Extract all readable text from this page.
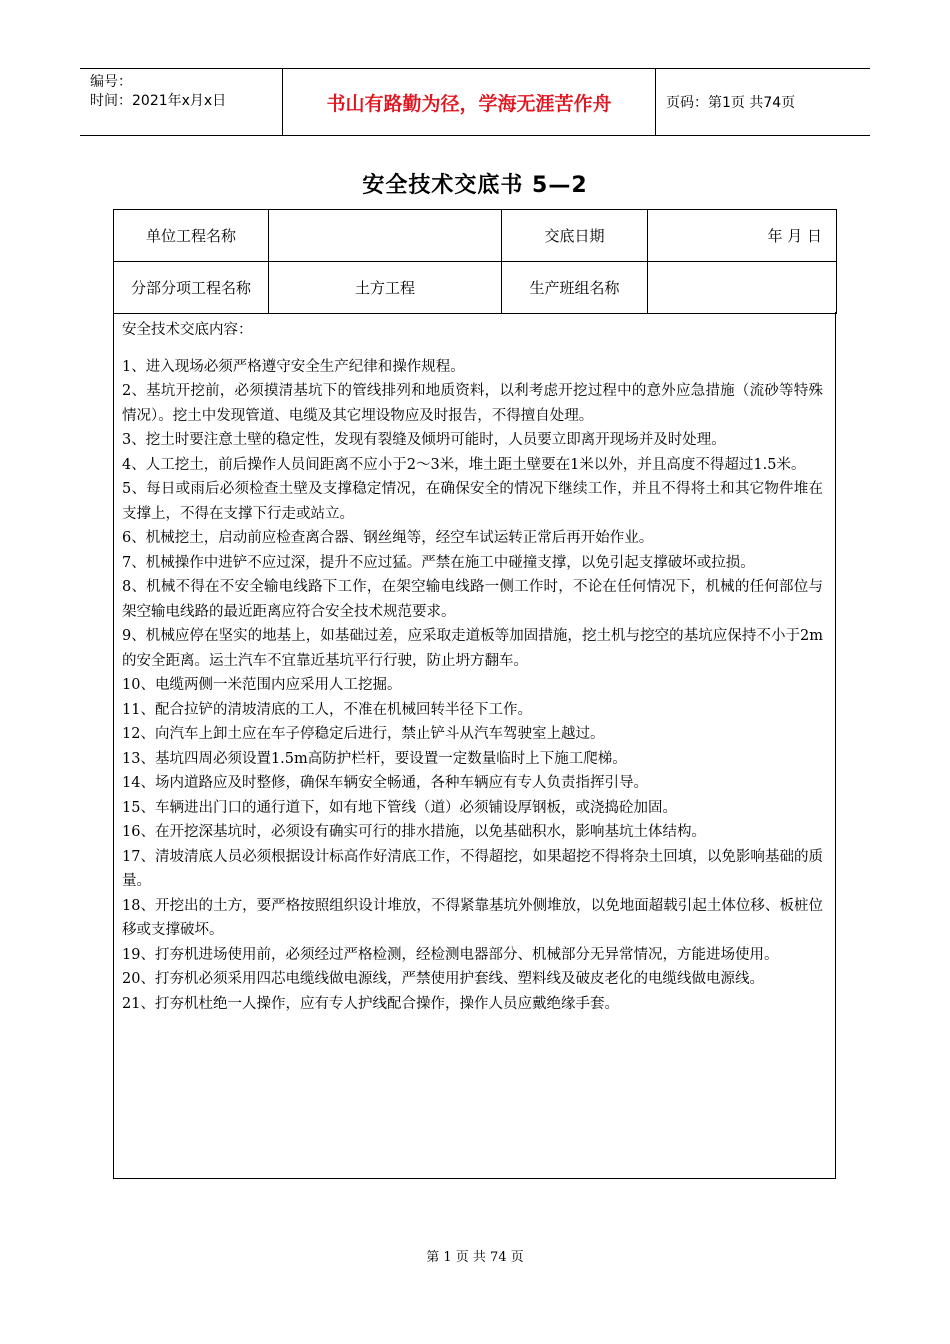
编号：
时间：2021年x月x日	书山有路勤为径，学海无涯苦作舟	页码：第1页 共74页
安全技术交底书 5—2
单位工程名称		交底日期	年 月 日
分部分项工程名称	土方工程	生产班组名称	
安全技术交底内容：
1、进入现场必须严格遵守安全生产纪律和操作规程。
2、基坑开挖前，必须摸清基坑下的管线排列和地质资料，以利考虑开挖过程中的意外应急措施（流砂等特殊情况）。挖土中发现管道、电缆及其它埋设物应及时报告，不得擅自处理。
3、挖土时要注意土壁的稳定性，发现有裂缝及倾坍可能时，人员要立即离开现场并及时处理。
4、人工挖土，前后操作人员间距离不应小于2～3米，堆土距土壁要在1米以外，并且高度不得超过1.5米。
5、每日或雨后必须检查土壁及支撑稳定情况，在确保安全的情况下继续工作，并且不得将土和其它物件堆在支撑上，不得在支撑下行走或站立。
6、机械挖土，启动前应检查离合器、钢丝绳等，经空车试运转正常后再开始作业。
7、机械操作中进铲不应过深，提升不应过猛。严禁在施工中碰撞支撑，以免引起支撑破坏或拉损。
8、机械不得在不安全输电线路下工作，在架空输电线路一侧工作时，不论在任何情况下，机械的任何部位与架空输电线路的最近距离应符合安全技术规范要求。
9、机械应停在坚实的地基上，如基础过差，应采取走道板等加固措施，挖土机与挖空的基坑应保持不小于2m的安全距离。运土汽车不宜靠近基坑平行行驶，防止坍方翻车。
10、电缆两侧一米范围内应采用人工挖掘。
11、配合拉铲的清坡清底的工人，不准在机械回转半径下工作。
12、向汽车上卸土应在车子停稳定后进行，禁止铲斗从汽车驾驶室上越过。
13、基坑四周必须设置1.5m高防护栏杆，要设置一定数量临时上下施工爬梯。
14、场内道路应及时整修，确保车辆安全畅通，各种车辆应有专人负责指挥引导。
15、车辆进出门口的通行道下，如有地下管线（道）必须铺设厚钢板，或浇捣砼加固。
16、在开挖深基坑时，必须设有确实可行的排水措施，以免基础积水，影响基坑土体结构。
17、清坡清底人员必须根据设计标高作好清底工作，不得超挖，如果超挖不得将杂土回填，以免影响基础的质量。
18、开挖出的土方，要严格按照组织设计堆放，不得紧靠基坑外侧堆放，以免地面超载引起土体位移、板桩位移或支撑破坏。
19、打夯机进场使用前，必须经过严格检测，经检测电器部分、机械部分无异常情况，方能进场使用。
20、打夯机必须采用四芯电缆线做电源线，严禁使用护套线、塑料线及破皮老化的电缆线做电源线。
21、打夯机杜绝一人操作，应有专人护线配合操作，操作人员应戴绝缘手套。
第 1 页 共 74 页
